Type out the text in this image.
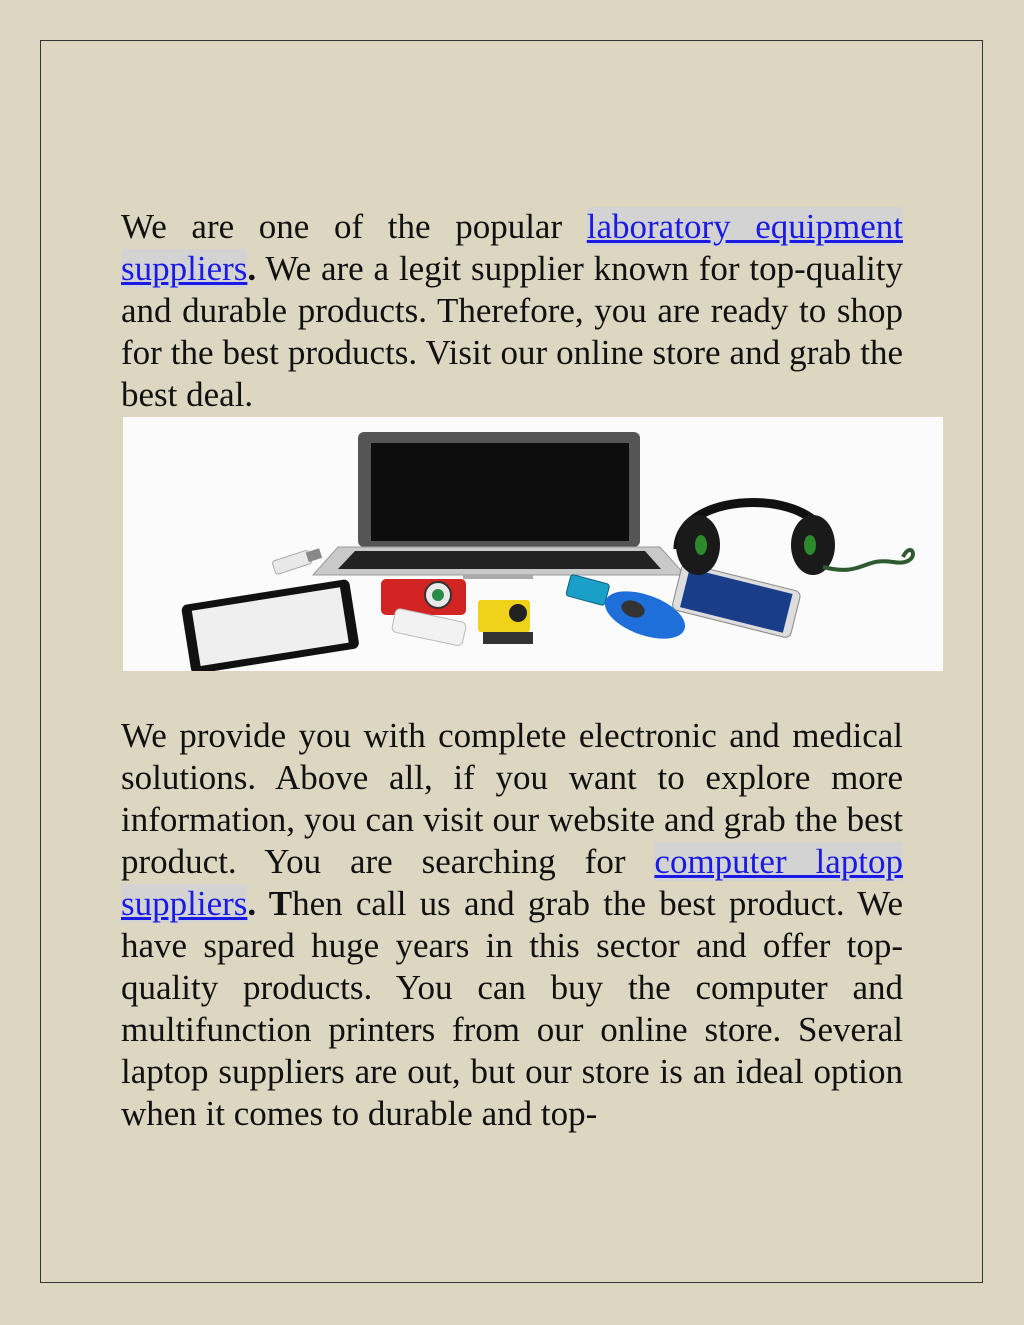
We are one of the popular laboratory equipment suppliers. We are a legit supplier known for top-quality and durable products. Therefore, you are ready to shop for the best products. Visit our online store and grab the best deal.

We provide you with complete electronic and medical solutions. Above all, if you want to explore more information, you can visit our website and grab the best product. You are searching for computer laptop suppliers. Then call us and grab the best product. We have spared huge years in this sector and offer top-quality products. You can buy the computer and multifunction printers from our online store. Several laptop suppliers are out, but our store is an ideal option when it comes to durable and top-
